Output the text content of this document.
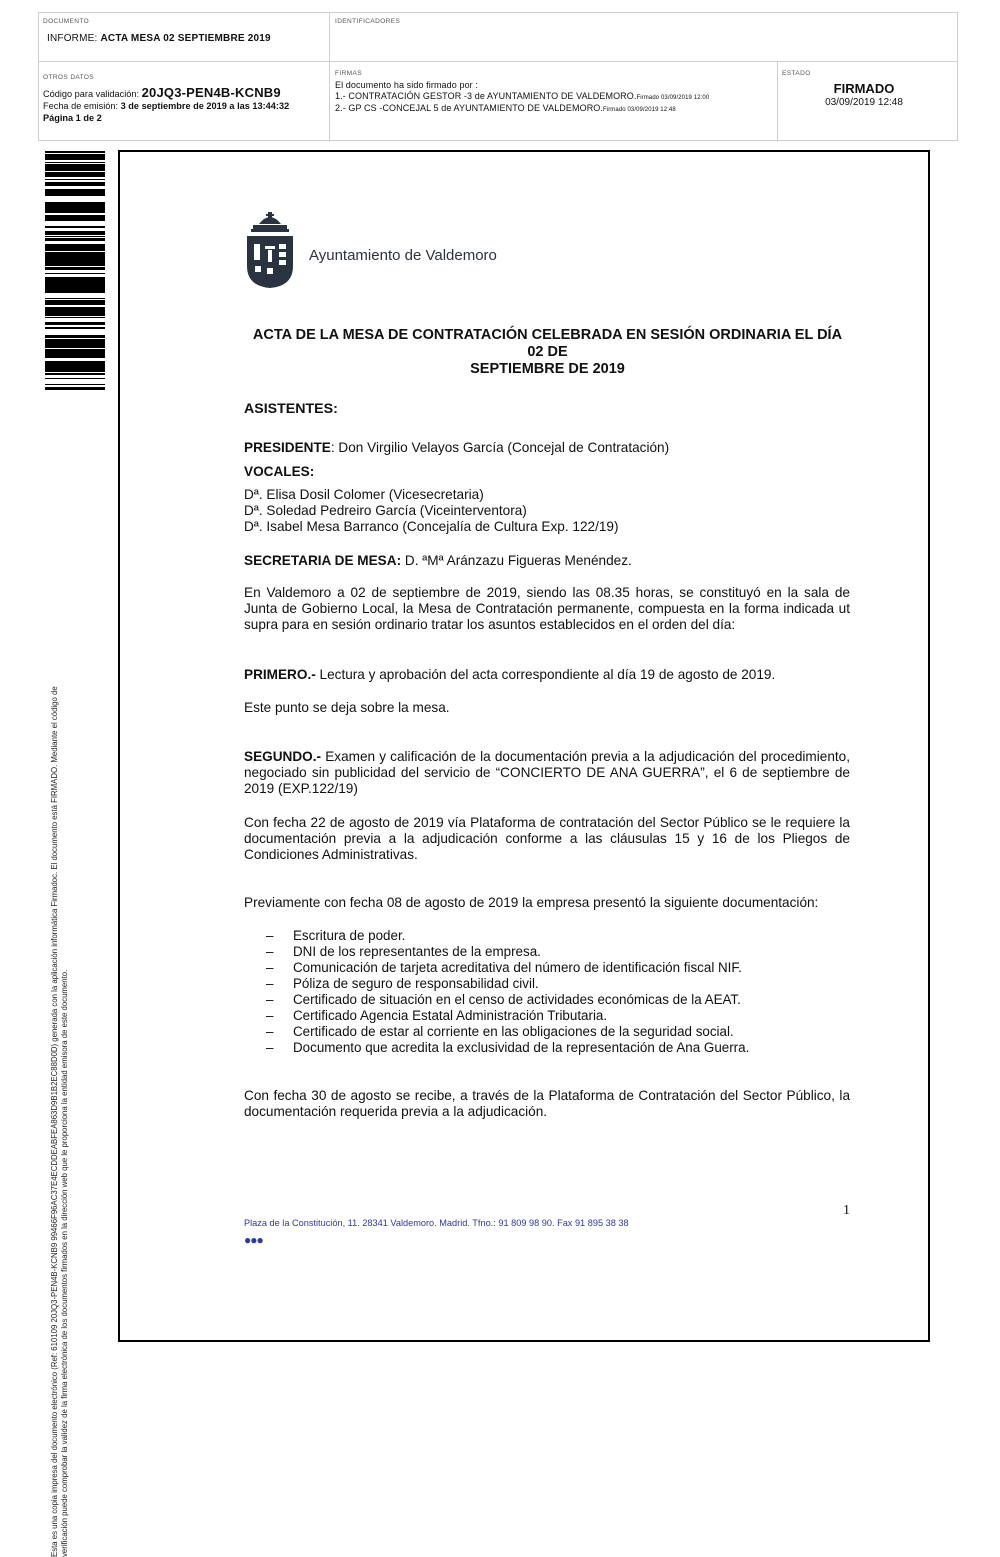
DOCUMENTO
INFORME: ACTA MESA 02 SEPTIEMBRE 2019
IDENTIFICADORES
OTROS DATOS
Código para validación: 20JQ3-PEN4B-KCNB9
Fecha de emisión: 3 de septiembre de 2019 a las 13:44:32
Página 1 de 2
FIRMAS
El documento ha sido firmado por :
1.- CONTRATACIÓN GESTOR -3 de AYUNTAMIENTO DE VALDEMORO.Firmado 03/09/2019 12:00
2.- GP CS -CONCEJAL 5 de AYUNTAMIENTO DE VALDEMORO.Firmado 03/09/2019 12:48
ESTADO
FIRMADO
03/09/2019 12:48
Esta es una copia impresa del documento electrónico (Ref: 610109 20JQ3-PEN4B-KCNB9 99466F96AC37E4ECDDEABFEA863D9B1B2EC88D0D) generada con la aplicación informática Firmadoc. El documento está FIRMADO. Mediante el código de verificación puede comprobar la validez de la firma electrónica de los documentos firmados en la dirección web que le proporciona la entidad emisora de este documento.
Ayuntamiento de Valdemoro
ACTA DE LA MESA DE CONTRATACIÓN CELEBRADA EN SESIÓN ORDINARIA EL DÍA 02 DE
SEPTIEMBRE DE 2019
ASISTENTES:
PRESIDENTE: Don Virgilio Velayos García (Concejal de Contratación)
VOCALES:
Dª. Elisa Dosil Colomer (Vicesecretaria)
Dª. Soledad Pedreiro García (Viceinterventora)
Dª. Isabel Mesa Barranco (Concejalía de Cultura Exp. 122/19)
SECRETARIA DE MESA: D. ªMª Aránzazu Figueras Menéndez.
En Valdemoro a 02 de septiembre de 2019, siendo las 08.35 horas, se constituyó en la sala de Junta de Gobierno Local, la Mesa de Contratación permanente, compuesta en la forma indicada ut supra para en sesión ordinario tratar los asuntos establecidos en el orden del día:
PRIMERO.- Lectura y aprobación del acta correspondiente al día 19 de agosto de 2019.
Este punto se deja sobre la mesa.
SEGUNDO.- Examen y calificación de la documentación previa a la adjudicación del procedimiento, negociado sin publicidad del servicio de “CONCIERTO DE ANA GUERRA”, el 6 de septiembre de 2019 (EXP.122/19)
Con fecha 22 de agosto de 2019 vía Plataforma de contratación del Sector Público se le requiere la documentación previa a la adjudicación conforme a las cláusulas 15 y 16 de los Pliegos de Condiciones Administrativas.
Previamente con fecha 08 de agosto de 2019 la empresa presentó la siguiente documentación:
–	Escritura de poder.
–	DNI de los representantes de la empresa.
–	Comunicación de tarjeta acreditativa del número de identificación fiscal NIF.
–	Póliza de seguro de responsabilidad civil.
–	Certificado de situación en el censo de actividades económicas de la AEAT.
–	Certificado Agencia Estatal Administración Tributaria.
–	Certificado de estar al corriente en las obligaciones de la seguridad social.
–	Documento que acredita la exclusividad de la representación de Ana Guerra.
Con fecha 30 de agosto se recibe, a través de la Plataforma de Contratación del Sector Público, la documentación requerida previa a la adjudicación.
1
Plaza de la Constitución, 11. 28341 Valdemoro. Madrid. Tfno.: 91 809 98 90. Fax 91 895 38 38
●●●
